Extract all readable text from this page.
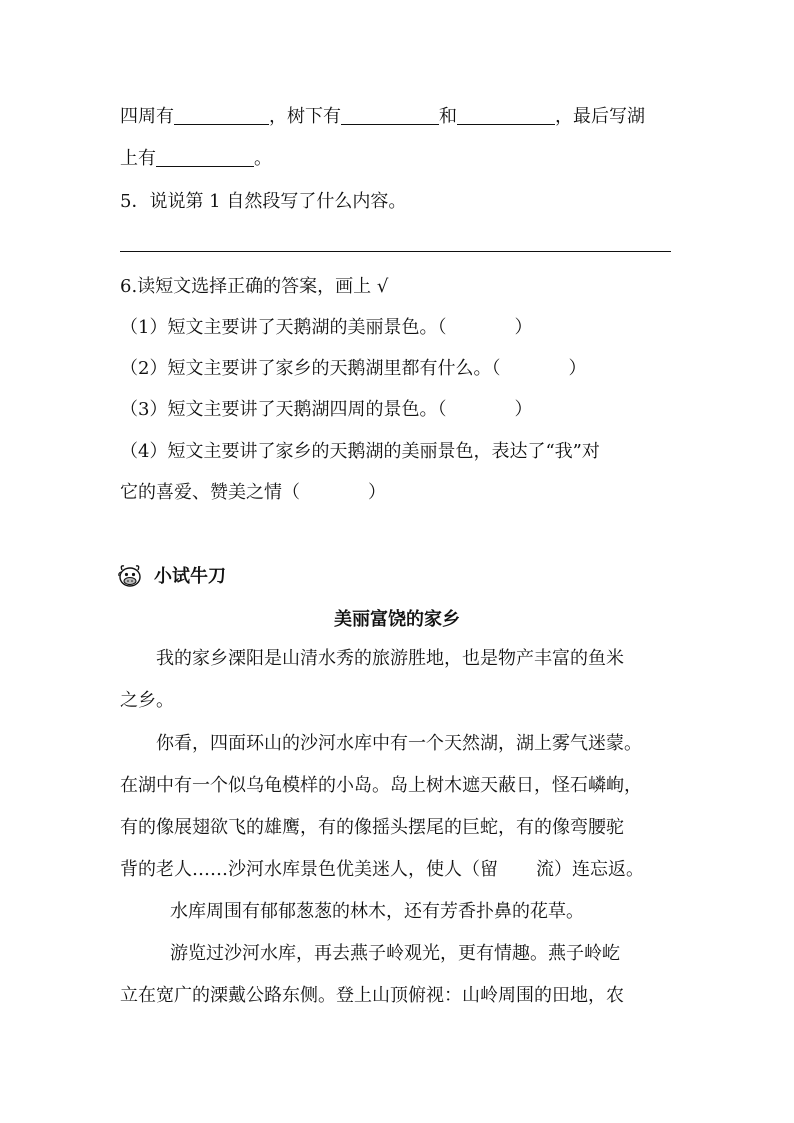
四周有	，树下有	和	，最后写湖
上有	。
5．说说第 1 自然段写了什么内容。
6.读短文选择正确的答案，画上 √
（1）短文主要讲了天鹅湖的美丽景色。（	）
（2）短文主要讲了家乡的天鹅湖里都有什么。（	）
（3）短文主要讲了天鹅湖四周的景色。（	）
（4）短文主要讲了家乡的天鹅湖的美丽景色，表达了“我”对
它的喜爱、赞美之情（	）
小试牛刀
美丽富饶的家乡
我的家乡溧阳是山清水秀的旅游胜地，也是物产丰富的鱼米
之乡。
你看，四面环山的沙河水库中有一个天然湖，湖上雾气迷蒙。
在湖中有一个似乌龟模样的小岛。岛上树木遮天蔽日，怪石嶙峋，
有的像展翅欲飞的雄鹰，有的像摇头摆尾的巨蛇，有的像弯腰驼
背的老人……沙河水库景色优美迷人，使人（留 流）连忘返。
水库周围有郁郁葱葱的林木，还有芳香扑鼻的花草。
游览过沙河水库，再去燕子岭观光，更有情趣。燕子岭屹
立在宽广的溧戴公路东侧。登上山顶俯视：山岭周围的田地，农
